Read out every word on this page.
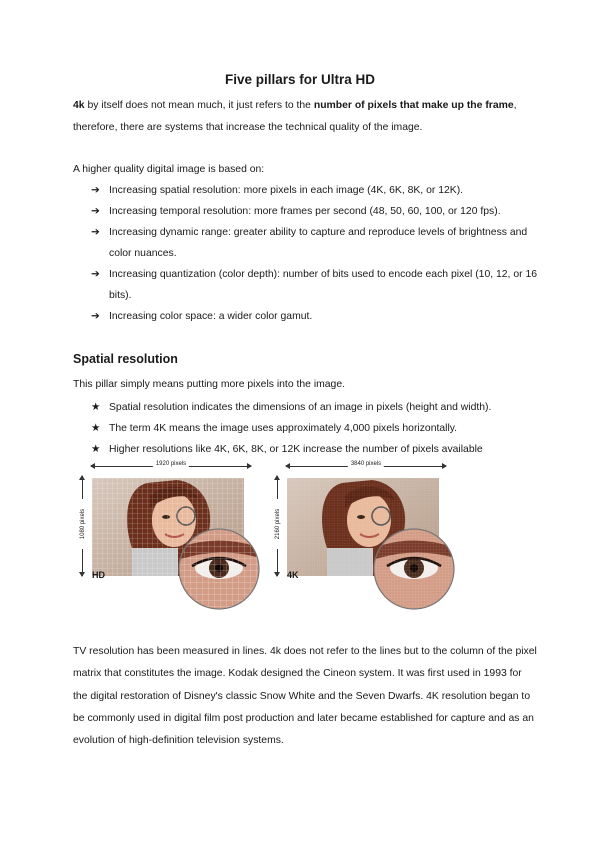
Five pillars for Ultra HD
4k by itself does not mean much, it just refers to the number of pixels that make up the frame, therefore, there are systems that increase the technical quality of the image.
A higher quality digital image is based on:
➔ Increasing spatial resolution: more pixels in each image (4K, 6K, 8K, or 12K).
➔ Increasing temporal resolution: more frames per second (48, 50, 60, 100, or 120 fps).
➔ Increasing dynamic range: greater ability to capture and reproduce levels of brightness and color nuances.
➔ Increasing quantization (color depth): number of bits used to encode each pixel (10, 12, or 16 bits).
➔ Increasing color space: a wider color gamut.
Spatial resolution
This pillar simply means putting more pixels into the image.
★ Spatial resolution indicates the dimensions of an image in pixels (height and width).
★ The term 4K means the image uses approximately 4,000 pixels horizontally.
★ Higher resolutions like 4K, 6K, 8K, or 12K increase the number of pixels available
1920 pixels
1080 pixels
HD
3840 pixels
2160 pixels
4K
TV resolution has been measured in lines. 4k does not refer to the lines but to the column of the pixel matrix that constitutes the image. Kodak designed the Cineon system. It was first used in 1993 for the digital restoration of Disney's classic Snow White and the Seven Dwarfs. 4K resolution began to be commonly used in digital film post production and later became established for capture and as an evolution of high-definition television systems.
